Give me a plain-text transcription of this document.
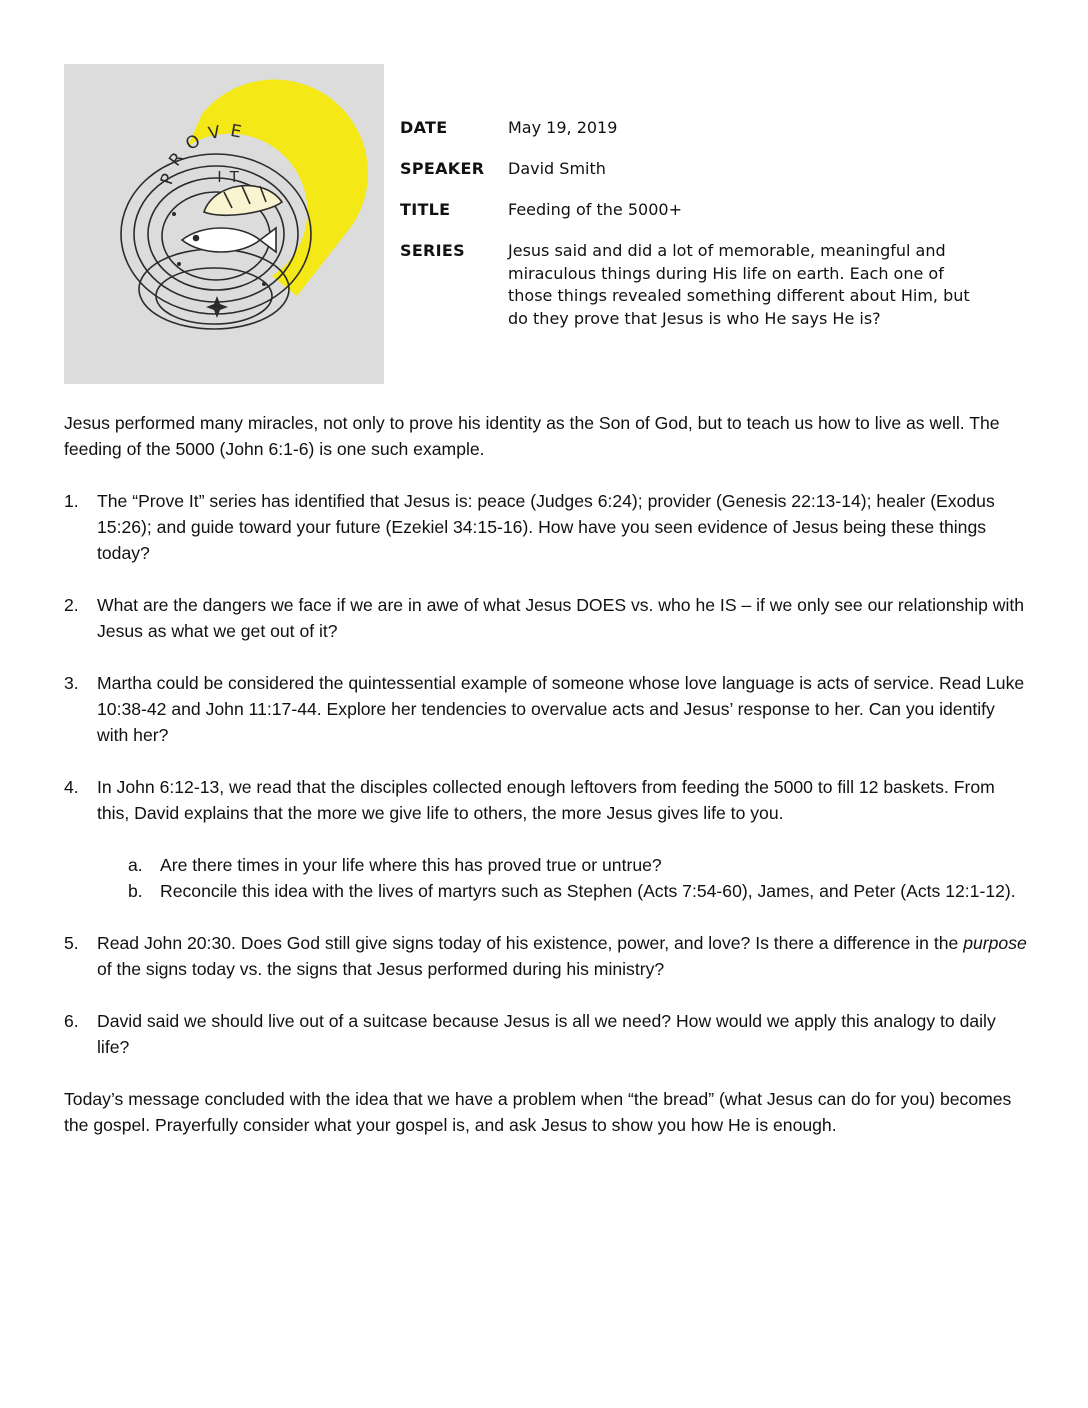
PROVE
IT
DATE	May 19, 2019
SPEAKER	David Smith
TITLE	Feeding of the 5000+
SERIES	Jesus said and did a lot of memorable, meaningful and miraculous things during His life on earth. Each one of those things revealed something different about Him, but do they prove that Jesus is who He says He is?

Jesus performed many miracles, not only to prove his identity as the Son of God, but to teach us how to live as well. The feeding of the 5000 (John 6:1-6) is one such example.

1. The “Prove It” series has identified that Jesus is: peace (Judges 6:24); provider (Genesis 22:13-14); healer (Exodus 15:26); and guide toward your future (Ezekiel 34:15-16). How have you seen evidence of Jesus being these things today?
2. What are the dangers we face if we are in awe of what Jesus DOES vs. who he IS – if we only see our relationship with Jesus as what we get out of it?
3. Martha could be considered the quintessential example of someone whose love language is acts of service. Read Luke 10:38-42 and John 11:17-44. Explore her tendencies to overvalue acts and Jesus’ response to her. Can you identify with her?
4. In John 6:12-13, we read that the disciples collected enough leftovers from feeding the 5000 to fill 12 baskets. From this, David explains that the more we give life to others, the more Jesus gives life to you.
a. Are there times in your life where this has proved true or untrue?
b. Reconcile this idea with the lives of martyrs such as Stephen (Acts 7:54-60), James, and Peter (Acts 12:1-12).
5. Read John 20:30. Does God still give signs today of his existence, power, and love? Is there a difference in the purpose of the signs today vs. the signs that Jesus performed during his ministry?
6. David said we should live out of a suitcase because Jesus is all we need? How would we apply this analogy to daily life?

Today’s message concluded with the idea that we have a problem when “the bread” (what Jesus can do for you) becomes the gospel. Prayerfully consider what your gospel is, and ask Jesus to show you how He is enough.
